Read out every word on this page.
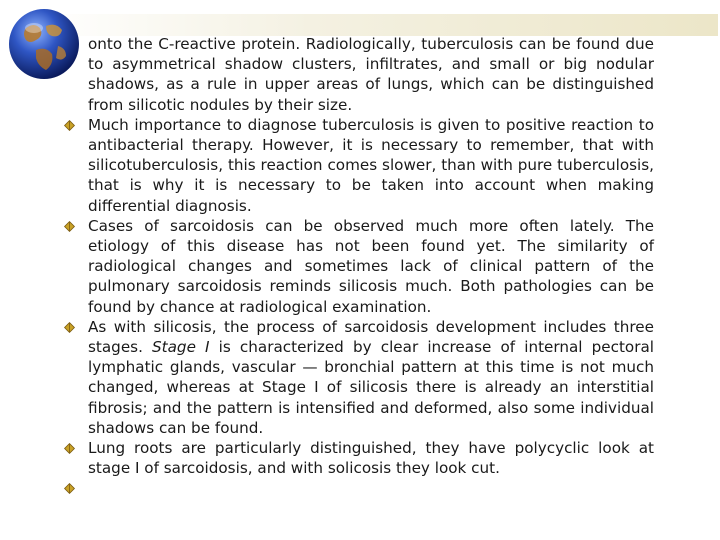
onto the C-reactive protein. Radiologically, tuberculosis can be found due to asymmetrical shadow clusters, infiltrates, and small or big nodular shadows, as a rule in upper areas of lungs, which can be distinguished from silicotic nodules by their size.

Much importance to diagnose tuberculosis is given to positive reaction to antibacterial therapy. However, it is necessary to remember, that with silicotuberculosis, this reaction comes slower, than with pure tuberculosis, that is why it is necessary to be taken into account when making differential diagnosis.

Cases of sarcoidosis can be observed much more often lately. The etiology of this disease has not been found yet. The similarity of radiological changes and sometimes lack of clinical pattern of the pulmonary sarcoidosis reminds silicosis much. Both pathologies can be found by chance at radiological examination.

As with silicosis, the process of sarcoidosis development includes three stages. Stage I is characterized by clear increase of internal pectoral lymphatic glands, vascular — bronchial pattern at this time is not much changed, whereas at Stage I of silicosis there is already an interstitial fibrosis; and the pattern is intensified and deformed, also some individual shadows can be found.

Lung roots are particularly distinguished, they have polycyclic look at stage I of sarcoidosis, and with solicosis they look cut.
